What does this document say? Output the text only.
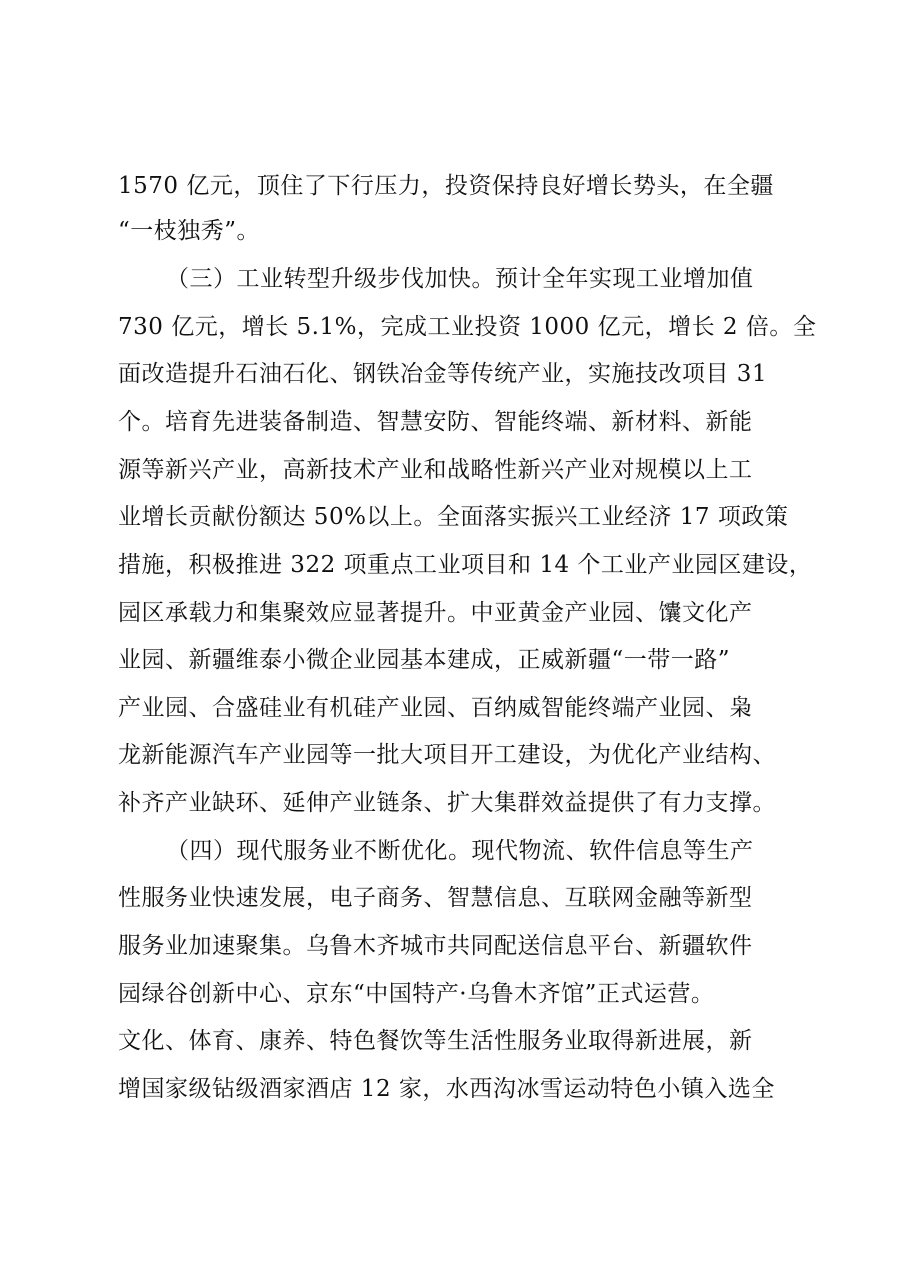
1570 亿元，顶住了下行压力，投资保持良好增长势头，在全疆
“一枝独秀”。
（三）工业转型升级步伐加快。预计全年实现工业增加值
730 亿元，增长 5.1%，完成工业投资 1000 亿元，增长 2 倍。全
面改造提升石油石化、钢铁冶金等传统产业，实施技改项目 31
个。培育先进装备制造、智慧安防、智能终端、新材料、新能
源等新兴产业，高新技术产业和战略性新兴产业对规模以上工
业增长贡献份额达 50%以上。全面落实振兴工业经济 17 项政策
措施，积极推进 322 项重点工业项目和 14 个工业产业园区建设，
园区承载力和集聚效应显著提升。中亚黄金产业园、馕文化产
业园、新疆维泰小微企业园基本建成，正威新疆“一带一路”
产业园、合盛硅业有机硅产业园、百纳威智能终端产业园、枭
龙新能源汽车产业园等一批大项目开工建设，为优化产业结构、
补齐产业缺环、延伸产业链条、扩大集群效益提供了有力支撑。
（四）现代服务业不断优化。现代物流、软件信息等生产
性服务业快速发展，电子商务、智慧信息、互联网金融等新型
服务业加速聚集。乌鲁木齐城市共同配送信息平台、新疆软件
园绿谷创新中心、京东“中国特产·乌鲁木齐馆”正式运营。
文化、体育、康养、特色餐饮等生活性服务业取得新进展，新
增国家级钻级酒家酒店 12 家，水西沟冰雪运动特色小镇入选全
